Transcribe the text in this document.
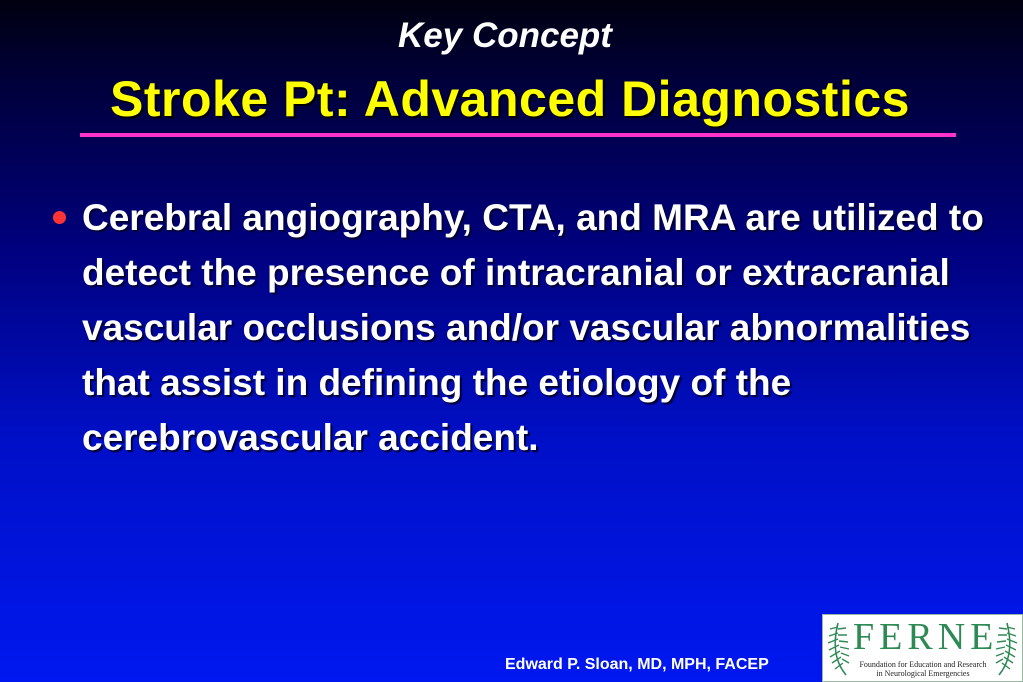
Key Concept
Stroke Pt: Advanced Diagnostics
Cerebral angiography, CTA, and MRA are utilized to detect the presence of intracranial or extracranial vascular occlusions and/or vascular abnormalities that assist in defining the etiology of the cerebrovascular accident.
Edward P. Sloan, MD, MPH, FACEP
FERNE
Foundation for Education and Research
in Neurological Emergencies
